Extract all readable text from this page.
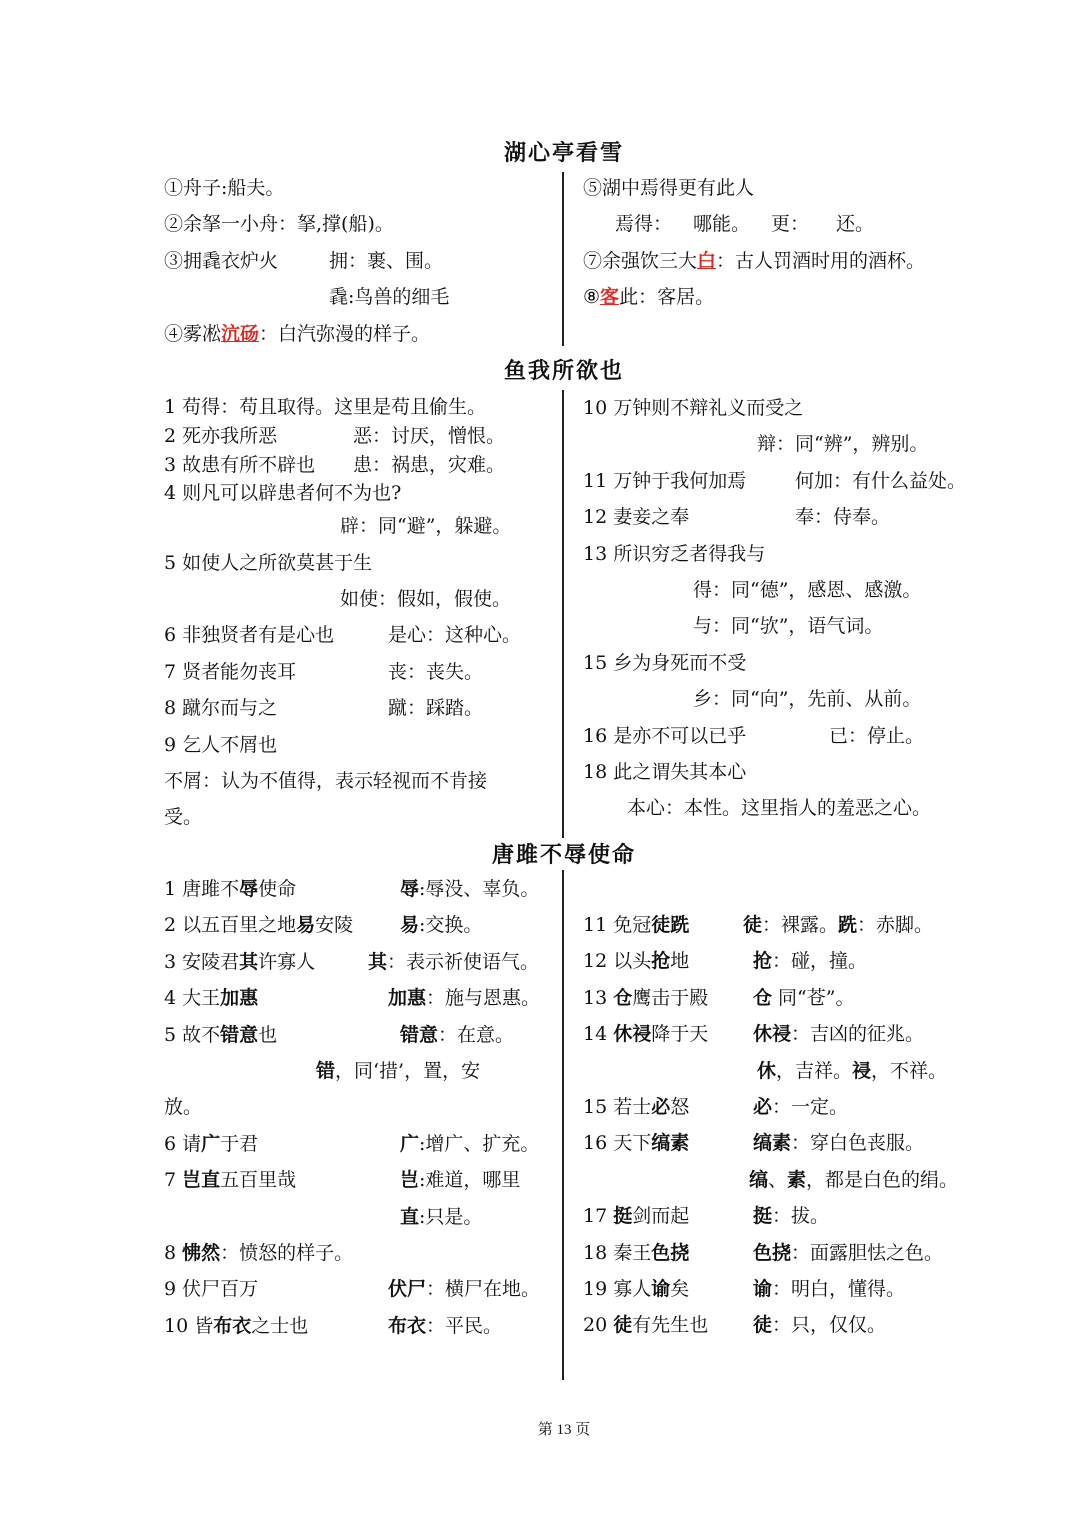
湖心亭看雪
①舟子:船夫。
②余拏一小舟：拏,撑(船)。
③拥毳衣炉火	拥：裹、围。
毳:鸟兽的细毛
④雾凇沆砀：白汽弥漫的样子。
⑤湖中焉得更有此人
焉得： 哪能。 更： 还。
⑦余强饮三大白：古人罚酒时用的酒杯。
⑧客此：客居。
鱼我所欲也
1 苟得：苟且取得。这里是苟且偷生。
2 死亦我所恶	恶：讨厌，憎恨。
3 故患有所不辟也 患：祸患，灾难。
4 则凡可以辟患者何不为也?
辟：同“避”，躲避。
5 如使人之所欲莫甚于生
如使：假如，假使。
6 非独贤者有是心也	是心：这种心。
7 贤者能勿丧耳	丧：丧失。
8 蹴尔而与之	蹴：踩踏。
9 乞人不屑也
不屑：认为不值得，表示轻视而不肯接
受。
10 万钟则不辩礼义而受之
辩：同“辨”，辨别。
11 万钟于我何加焉	何加：有什么益处。
12 妻妾之奉	奉：侍奉。
13 所识穷乏者得我与
得：同“德”，感恩、感激。
与：同“欤”，语气词。
15 乡为身死而不受
乡：同“向”，先前、从前。
16 是亦不可以已乎	已：停止。
18 此之谓失其本心
本心：本性。这里指人的羞恶之心。
唐雎不辱使命
1 唐雎不辱使命	辱:辱没、辜负。
2 以五百里之地易安陵 易:交换。
3 安陵君其许寡人	其：表示祈使语气。
4 大王加惠	加惠：施与恩惠。
5 故不错意也	错意：在意。
错，同‘措’，置，安
放。
6 请广于君	广:增广、扩充。
7 岂直五百里哉	岂:难道，哪里
直:只是。
8 怫然：愤怒的样子。
9 伏尸百万	伏尸：横尸在地。
10 皆布衣之士也	布衣：平民。
11 免冠徒跣	徒：裸露。跣：赤脚。
12 以头抢地	抢：碰，撞。
13 仓鹰击于殿 仓 同“苍”。
14 休祲降于天 休祲：吉凶的征兆。
休，吉祥。祲，不祥。
15 若士必怒	必：一定。
16 天下缟素	缟素：穿白色丧服。
缟、素，都是白色的绢。
17 挺剑而起	挺：拔。
18 秦王色挠	色挠：面露胆怯之色。
19 寡人谕矣	谕：明白，懂得。
20 徒有先生也 徒：只，仅仅。
第 13 页
